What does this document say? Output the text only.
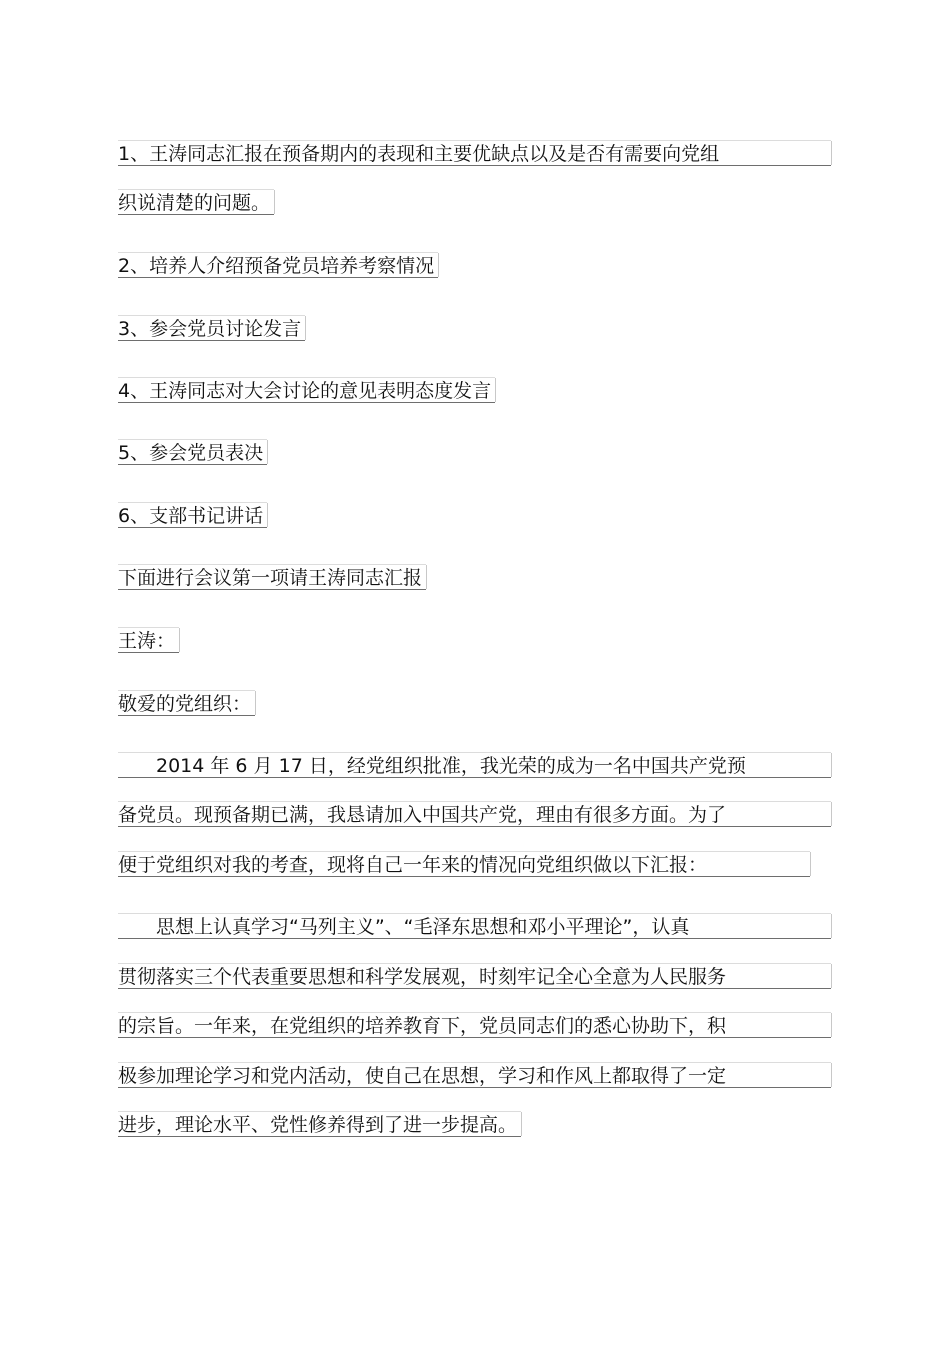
1、王涛同志汇报在预备期内的表现和主要优缺点以及是否有需要向党组
织说清楚的问题。
2、培养人介绍预备党员培养考察情况
3、参会党员讨论发言
4、王涛同志对大会讨论的意见表明态度发言
5、参会党员表决
6、支部书记讲话
下面进行会议第一项请王涛同志汇报
王涛：
敬爱的党组织：
2014 年 6 月 17 日，经党组织批准，我光荣的成为一名中国共产党预
备党员。现预备期已满，我恳请加入中国共产党，理由有很多方面。为了
便于党组织对我的考查，现将自己一年来的情况向党组织做以下汇报：
思想上认真学习“马列主义”、“毛泽东思想和邓小平理论”，认真
贯彻落实三个代表重要思想和科学发展观，时刻牢记全心全意为人民服务
的宗旨。一年来，在党组织的培养教育下，党员同志们的悉心协助下，积
极参加理论学习和党内活动，使自己在思想，学习和作风上都取得了一定
进步，理论水平、党性修养得到了进一步提高。
